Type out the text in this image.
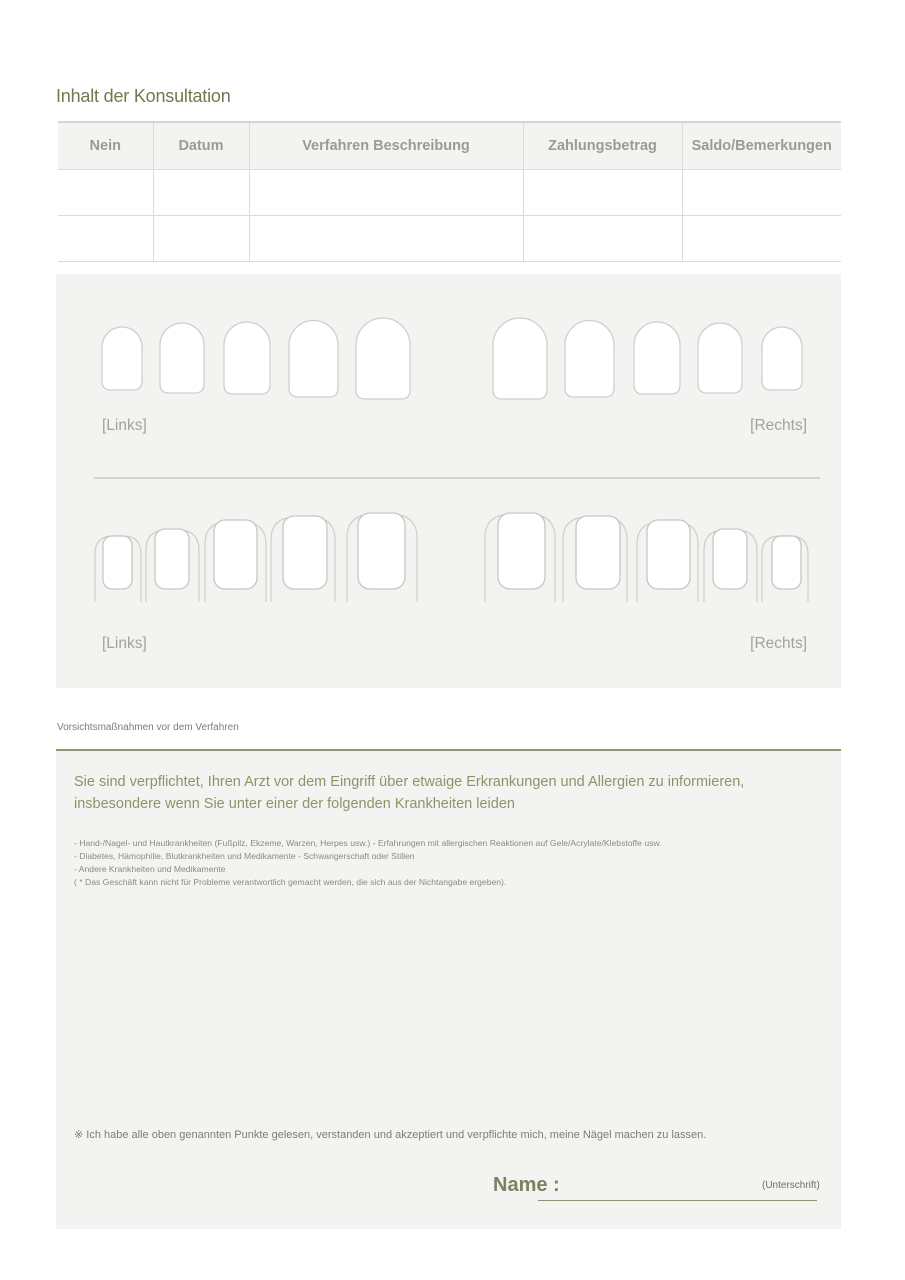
Inhalt der Konsultation
Nein	Datum	Verfahren Beschreibung	Zahlungsbetrag	Saldo/Bemerkungen

[Links]	[Rechts]
[Links]	[Rechts]
Vorsichtsmaßnahmen vor dem Verfahren
Sie sind verpflichtet, Ihren Arzt vor dem Eingriff über etwaige Erkrankungen und Allergien zu informieren,
insbesondere wenn Sie unter einer der folgenden Krankheiten leiden
- Hand-/Nagel- und Hautkrankheiten (Fußpilz, Ekzeme, Warzen, Herpes usw.) - Erfahrungen mit allergischen Reaktionen auf Gele/Acrylate/Klebstoffe usw.
- Diabetes, Hämophilie, Blutkrankheiten und Medikamente - Schwangerschaft oder Stillen
- Andere Krankheiten und Medikamente
( * Das Geschäft kann nicht für Probleme verantwortlich gemacht werden, die sich aus der Nichtangabe ergeben).
※ Ich habe alle oben genannten Punkte gelesen, verstanden und akzeptiert und verpflichte mich, meine Nägel machen zu lassen.
Name :	(Unterschrift)
